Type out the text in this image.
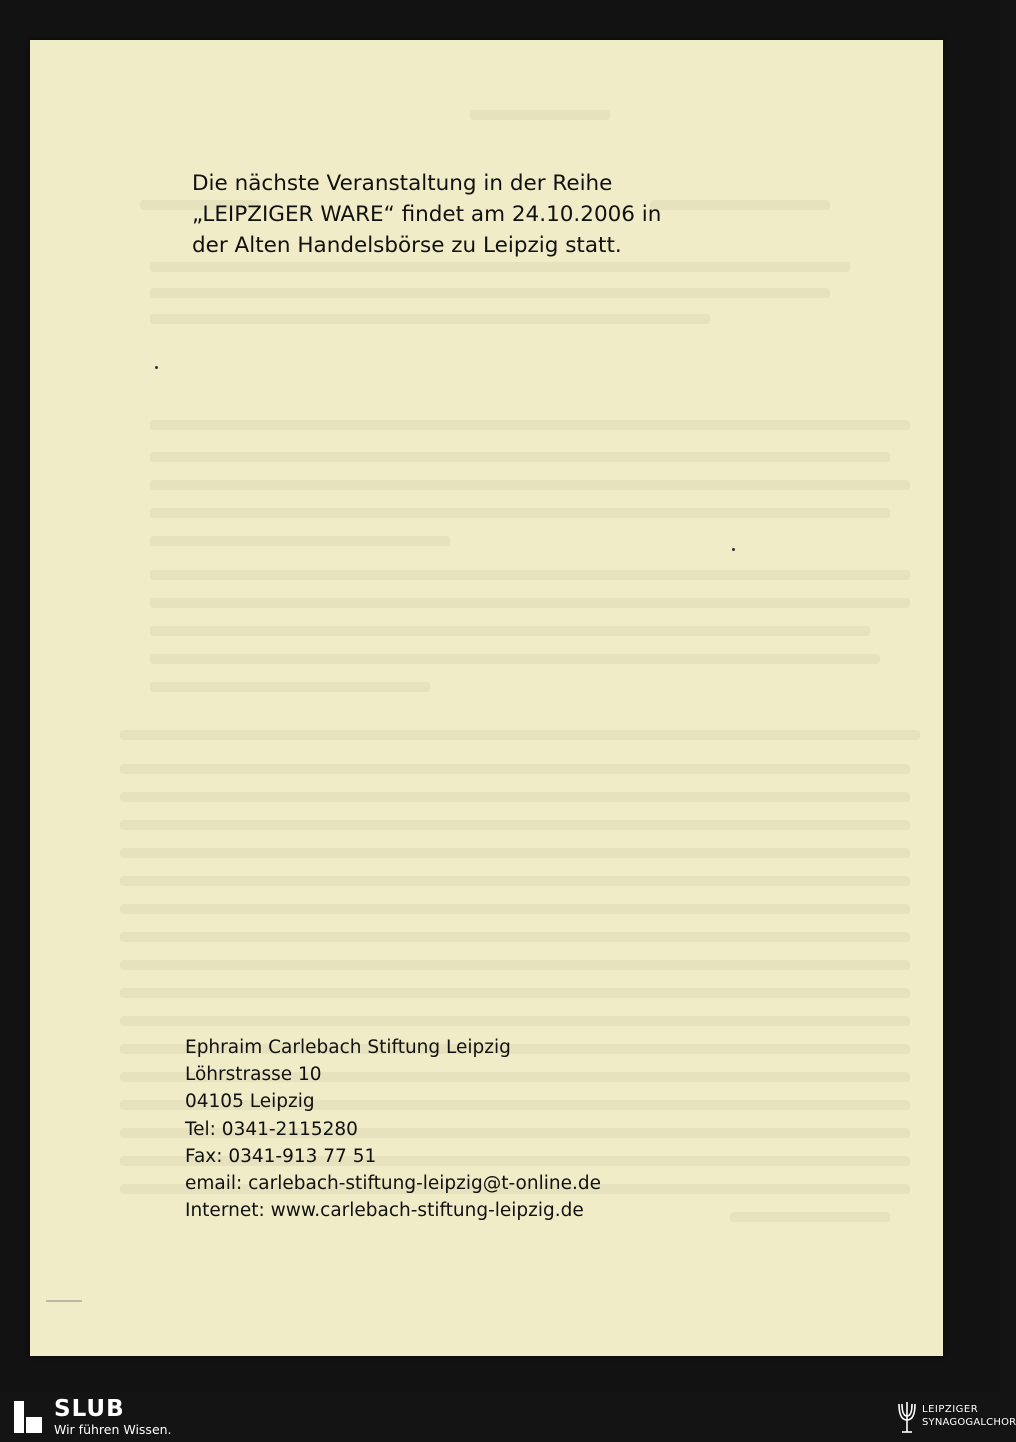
Die nächste Veranstaltung in der Reihe
„LEIPZIGER WARE“ findet am 24.10.2006 in
der Alten Handelsbörse zu Leipzig statt.
Ephraim Carlebach Stiftung Leipzig
Löhrstrasse 10
04105 Leipzig
Tel: 0341-2115280
Fax: 0341-913 77 51
email: carlebach-stiftung-leipzig@t-online.de
Internet: www.carlebach-stiftung-leipzig.de
SLUB
Wir führen Wissen.
LEIPZIGER
SYNAGOGALCHOR
